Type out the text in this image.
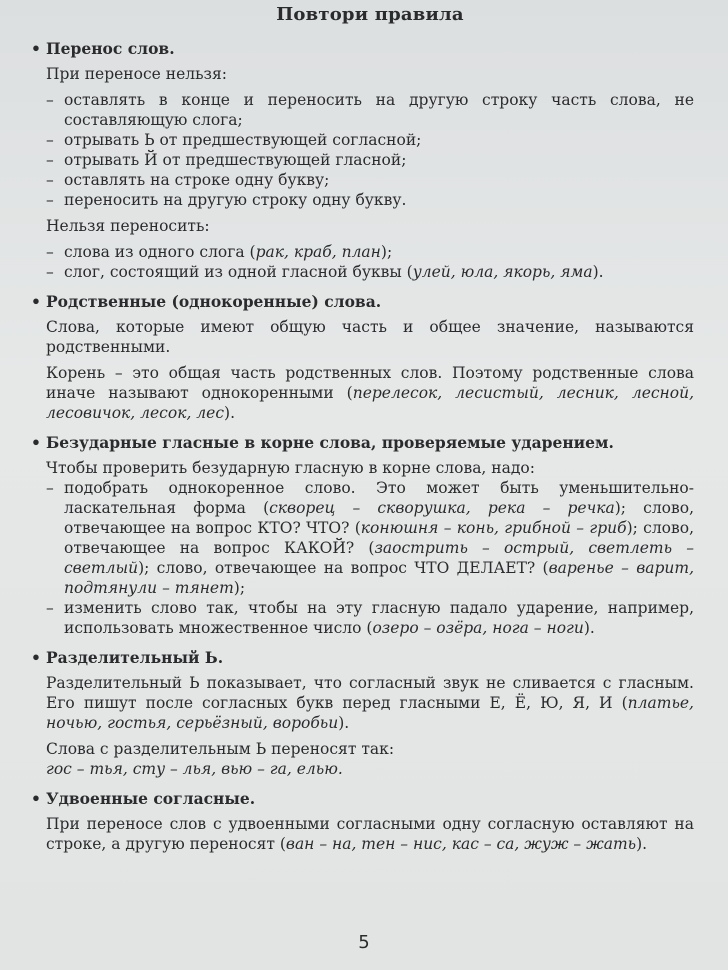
Повтори правила
• Перенос слов.

При переносе нельзя:

– оставлять в конце и переносить на другую строку часть слова, не составляющую слога;
– отрывать Ь от предшествующей согласной;
– отрывать Й от предшествующей гласной;
– оставлять на строке одну букву;
– переносить на другую строку одну букву.

Нельзя переносить:

– слова из одного слога (рак, краб, план);
– слог, состоящий из одной гласной буквы (улей, юла, якорь, яма).
• Родственные (однокоренные) слова.

Слова, которые имеют общую часть и общее значение, называются родственными.

Корень – это общая часть родственных слов. Поэтому родственные слова иначе называют однокоренными (перелесок, лесистый, лесник, лесной, лесовичок, лесок, лес).

• Безударные гласные в корне слова, проверяемые ударением.

Чтобы проверить безударную гласную в корне слова, надо:

– подобрать однокоренное слово. Это может быть уменьшительно-ласкательная форма (скворец – скворушка, река – речка); слово, отвечающее на вопрос КТО? ЧТО? (конюшня – конь, грибной – гриб); слово, отвечающее на вопрос КАКОЙ? (заострить – острый, светлеть – светлый); слово, отвечающее на вопрос ЧТО ДЕЛАЕТ? (варенье – варит, подтянули – тянет);
– изменить слово так, чтобы на эту гласную падало ударение, например, использовать множественное число (озеро – озёра, нога – ноги).
• Разделительный Ь.

Разделительный Ь показывает, что согласный звук не сливается с гласным. Его пишут после согласных букв перед гласными Е, Ё, Ю, Я, И (платье, ночью, гостья, серьёзный, воробьи).

Слова с разделительным Ь переносят так:

гос – тья, сту – лья, вью – га, елью.

• Удвоенные согласные.

При переносе слов с удвоенными согласными одну согласную оставляют на строке, а другую переносят (ван – на, тен – нис, кас – са, жуж – жать).

5
